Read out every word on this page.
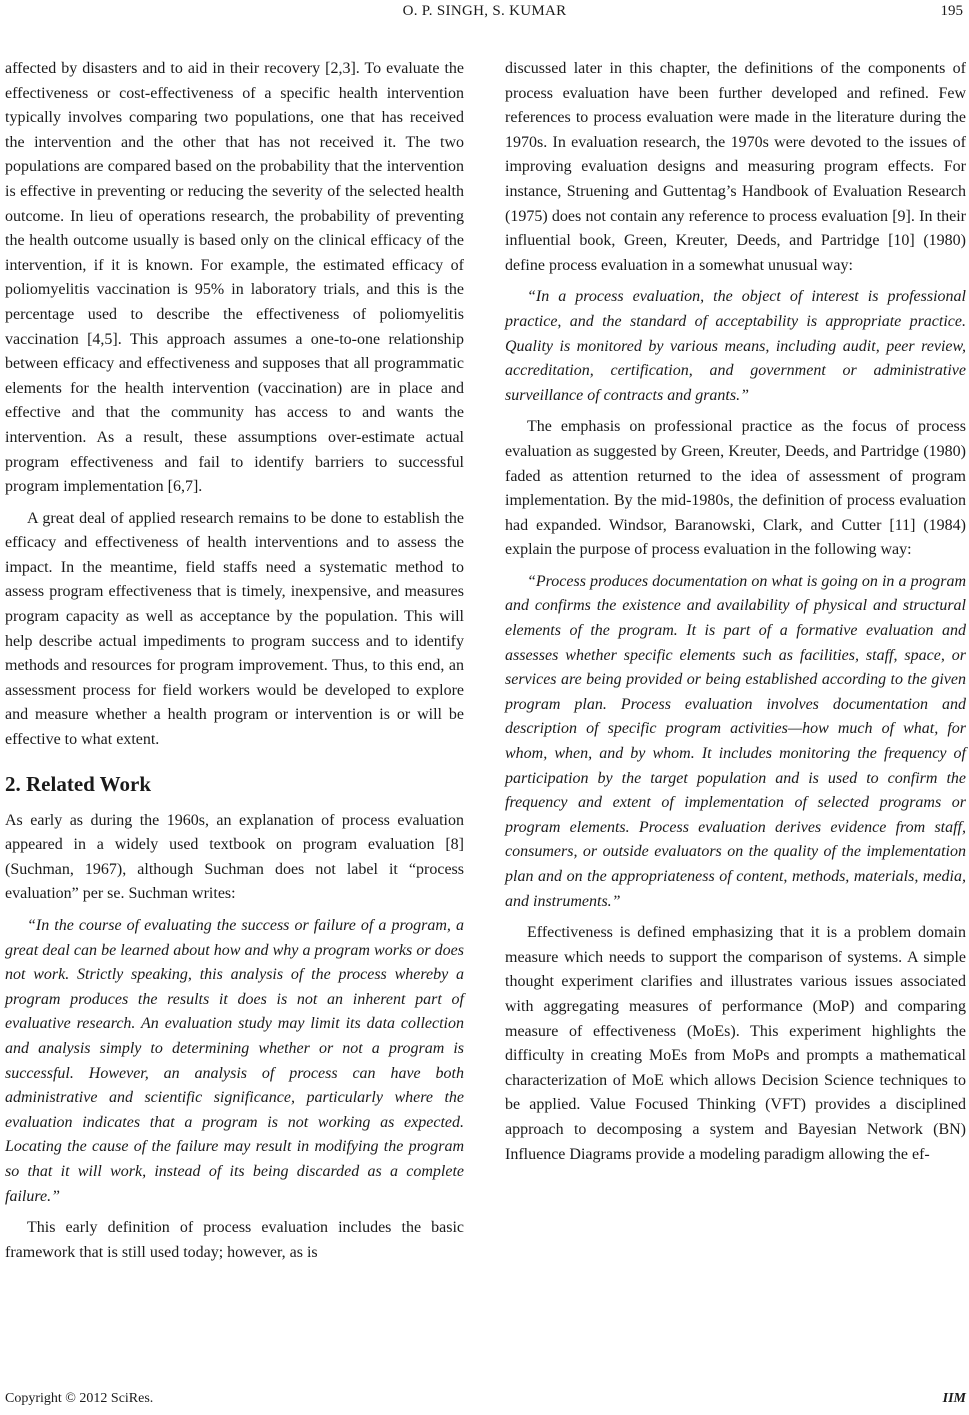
O. P. SINGH, S. KUMAR	195

affected by disasters and to aid in their recovery [2,3]. To evaluate the effectiveness or cost-effectiveness of a specific health intervention typically involves comparing two populations, one that has received the intervention and the other that has not received it. The two populations are compared based on the probability that the intervention is effective in preventing or reducing the severity of the selected health outcome. In lieu of operations research, the probability of preventing the health outcome usually is based only on the clinical efficacy of the intervention, if it is known. For example, the estimated efficacy of poliomyelitis vaccination is 95% in laboratory trials, and this is the percentage used to describe the effectiveness of poliomyelitis vaccination [4,5]. This approach assumes a one-to-one relationship between efficacy and effectiveness and supposes that all programmatic elements for the health intervention (vaccination) are in place and effective and that the community has access to and wants the intervention. As a result, these assumptions over-estimate actual program effectiveness and fail to identify barriers to successful program implementation [6,7].

A great deal of applied research remains to be done to establish the efficacy and effectiveness of health interventions and to assess the impact. In the meantime, field staffs need a systematic method to assess program effectiveness that is timely, inexpensive, and measures program capacity as well as acceptance by the population. This will help describe actual impediments to program success and to identify methods and resources for program improvement. Thus, to this end, an assessment process for field workers would be developed to explore and measure whether a health program or intervention is or will be effective to what extent.

2. Related Work

As early as during the 1960s, an explanation of process evaluation appeared in a widely used textbook on program evaluation [8] (Suchman, 1967), although Suchman does not label it “process evaluation” per se. Suchman writes:

“In the course of evaluating the success or failure of a program, a great deal can be learned about how and why a program works or does not work. Strictly speaking, this analysis of the process whereby a program produces the results it does is not an inherent part of evaluative research. An evaluation study may limit its data collection and analysis simply to determining whether or not a program is successful. However, an analysis of process can have both administrative and scientific significance, particularly where the evaluation indicates that a program is not working as expected. Locating the cause of the failure may result in modifying the program so that it will work, instead of its being discarded as a complete failure.”

This early definition of process evaluation includes the basic framework that is still used today; however, as is

discussed later in this chapter, the definitions of the components of process evaluation have been further developed and refined. Few references to process evaluation were made in the literature during the 1970s. In evaluation research, the 1970s were devoted to the issues of improving evaluation designs and measuring program effects. For instance, Struening and Guttentag’s Handbook of Evaluation Research (1975) does not contain any reference to process evaluation [9]. In their influential book, Green, Kreuter, Deeds, and Partridge [10] (1980) define process evaluation in a somewhat unusual way:

“In a process evaluation, the object of interest is professional practice, and the standard of acceptability is appropriate practice. Quality is monitored by various means, including audit, peer review, accreditation, certification, and government or administrative surveillance of contracts and grants.”

The emphasis on professional practice as the focus of process evaluation as suggested by Green, Kreuter, Deeds, and Partridge (1980) faded as attention returned to the idea of assessment of program implementation. By the mid-1980s, the definition of process evaluation had expanded. Windsor, Baranowski, Clark, and Cutter [11] (1984) explain the purpose of process evaluation in the following way:

“Process produces documentation on what is going on in a program and confirms the existence and availability of physical and structural elements of the program. It is part of a formative evaluation and assesses whether specific elements such as facilities, staff, space, or services are being provided or being established according to the given program plan. Process evaluation involves documentation and description of specific program activities—how much of what, for whom, when, and by whom. It includes monitoring the frequency of participation by the target population and is used to confirm the frequency and extent of implementation of selected programs or program elements. Process evaluation derives evidence from staff, consumers, or outside evaluators on the quality of the implementation plan and on the appropriateness of content, methods, materials, media, and instruments.”

Effectiveness is defined emphasizing that it is a problem domain measure which needs to support the comparison of systems. A simple thought experiment clarifies and illustrates various issues associated with aggregating measures of performance (MoP) and comparing measure of effectiveness (MoEs). This experiment highlights the difficulty in creating MoEs from MoPs and prompts a mathematical characterization of MoE which allows Decision Science techniques to be applied. Value Focused Thinking (VFT) provides a disciplined approach to decomposing a system and Bayesian Network (BN) Influence Diagrams provide a modeling paradigm allowing the ef-

Copyright © 2012 SciRes.	IIM
